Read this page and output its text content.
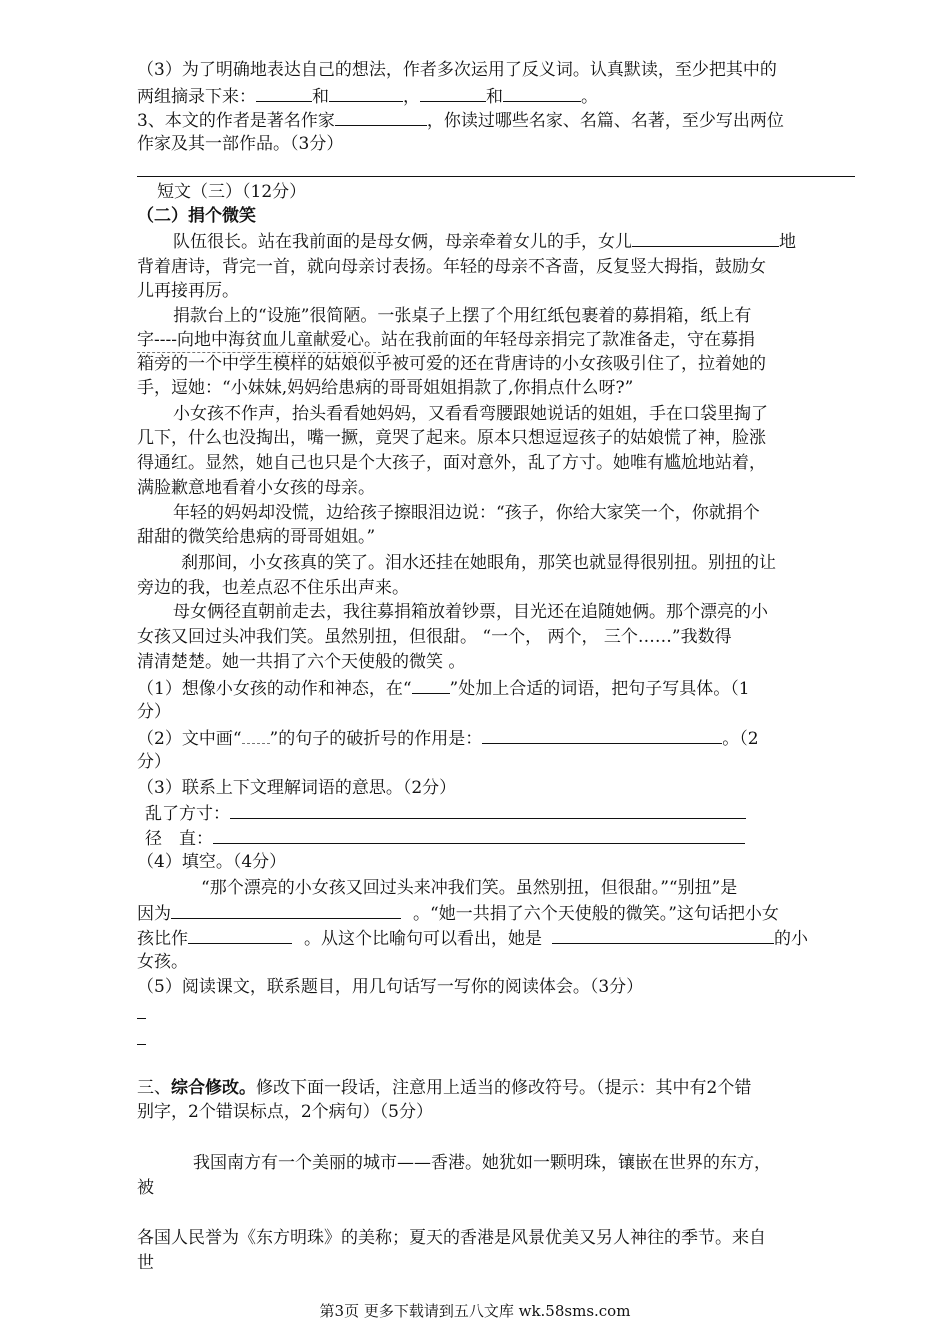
（3）为了明确地表达自己的想法，作者多次运用了反义词。认真默读，至少把其中的
两组摘录下来：	和	，	和	。
3、本文的作者是著名作家	，你读过哪些名家、名篇、名著，至少写出两位
作家及其一部作品。（3分）
短文（三）（12分）
（二）捐个微笑
队伍很长。站在我前面的是母女俩，母亲牵着女儿的手，女儿	地
背着唐诗，背完一首，就向母亲讨表扬。年轻的母亲不吝啬，反复竖大拇指，鼓励女
儿再接再厉。
捐款台上的“设施”很简陋。一张桌子上摆了个用红纸包裹着的募捐箱，纸上有
字----向地中海贫血儿童献爱心。站在我前面的年轻母亲捐完了款准备走，守在募捐
箱旁的一个中学生模样的姑娘似乎被可爱的还在背唐诗的小女孩吸引住了，拉着她的
手，逗她：“小妹妹,妈妈给患病的哥哥姐姐捐款了,你捐点什么呀?”
小女孩不作声，抬头看看她妈妈，又看看弯腰跟她说话的姐姐，手在口袋里掏了
几下，什么也没掏出，嘴一撅，竟哭了起来。原本只想逗逗孩子的姑娘慌了神，脸涨
得通红。显然，她自己也只是个大孩子，面对意外，乱了方寸。她唯有尴尬地站着，
满脸歉意地看着小女孩的母亲。
年轻的妈妈却没慌，边给孩子擦眼泪边说：“孩子，你给大家笑一个，你就捐个
甜甜的微笑给患病的哥哥姐姐。”
刹那间，小女孩真的笑了。泪水还挂在她眼角，那笑也就显得很别扭。别扭的让
旁边的我，也差点忍不住乐出声来。
母女俩径直朝前走去，我往募捐箱放着钞票，目光还在追随她俩。那个漂亮的小
女孩又回过头冲我们笑。虽然别扭，但很甜。 “一个， 两个， 三个……”我数得
清清楚楚。她一共捐了六个天使般的微笑 。
（1）想像小女孩的动作和神态，在“ ”处加上合适的词语，把句子写具体。（1
分）
（2）文中画“ ”的句子的破折号的作用是：	。（2
分）
（3）联系上下文理解词语的意思。（2分）
乱了方寸：
径　直：
（4）填空。（4分）
“那个漂亮的小女孩又回过头来冲我们笑。虽然别扭，但很甜。”“别扭”是
因为	。“她一共捐了六个天使般的微笑。”这句话把小女
孩比作	。从这个比喻句可以看出，她是	的小
女孩。
（5）阅读课文，联系题目，用几句话写一写你的阅读体会。（3分）
三、综合修改。修改下面一段话，注意用上适当的修改符号。（提示：其中有2个错
别字，2个错误标点，2个病句）（5分）
我国南方有一个美丽的城市——香港。她犹如一颗明珠，镶嵌在世界的东方，
被
各国人民誉为《东方明珠》的美称；夏天的香港是风景优美又另人神往的季节。来自
世
第3页 更多下载请到五八文库 wk.58sms.com
